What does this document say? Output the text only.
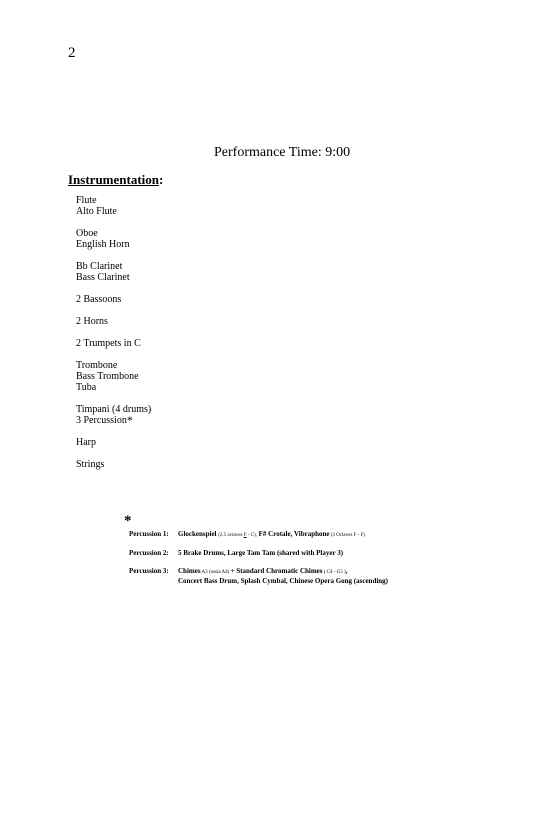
2
Performance Time: 9:00
Instrumentation:
Flute
Alto Flute
Oboe
English Horn
Bb Clarinet
Bass Clarinet
2 Bassoons
2 Horns
2 Trumpets in C
Trombone
Bass Trombone
Tuba
Timpani (4 drums)
3 Percussion*
Harp
Strings
*
Percussion 1:	Glockenspiel (2.5 octaves F - C), F# Crotale, Vibraphone (3 Octaves F - F)
Percussion 2:	5 Brake Drums, Large Tam Tam (shared with Player 3)
Percussion 3:	Chimes A3 (ossia A4) + Standard Chromatic Chimes ( C4 - G5 ),
Concert Bass Drum, Splash Cymbal, Chinese Opera Gong (ascending)
